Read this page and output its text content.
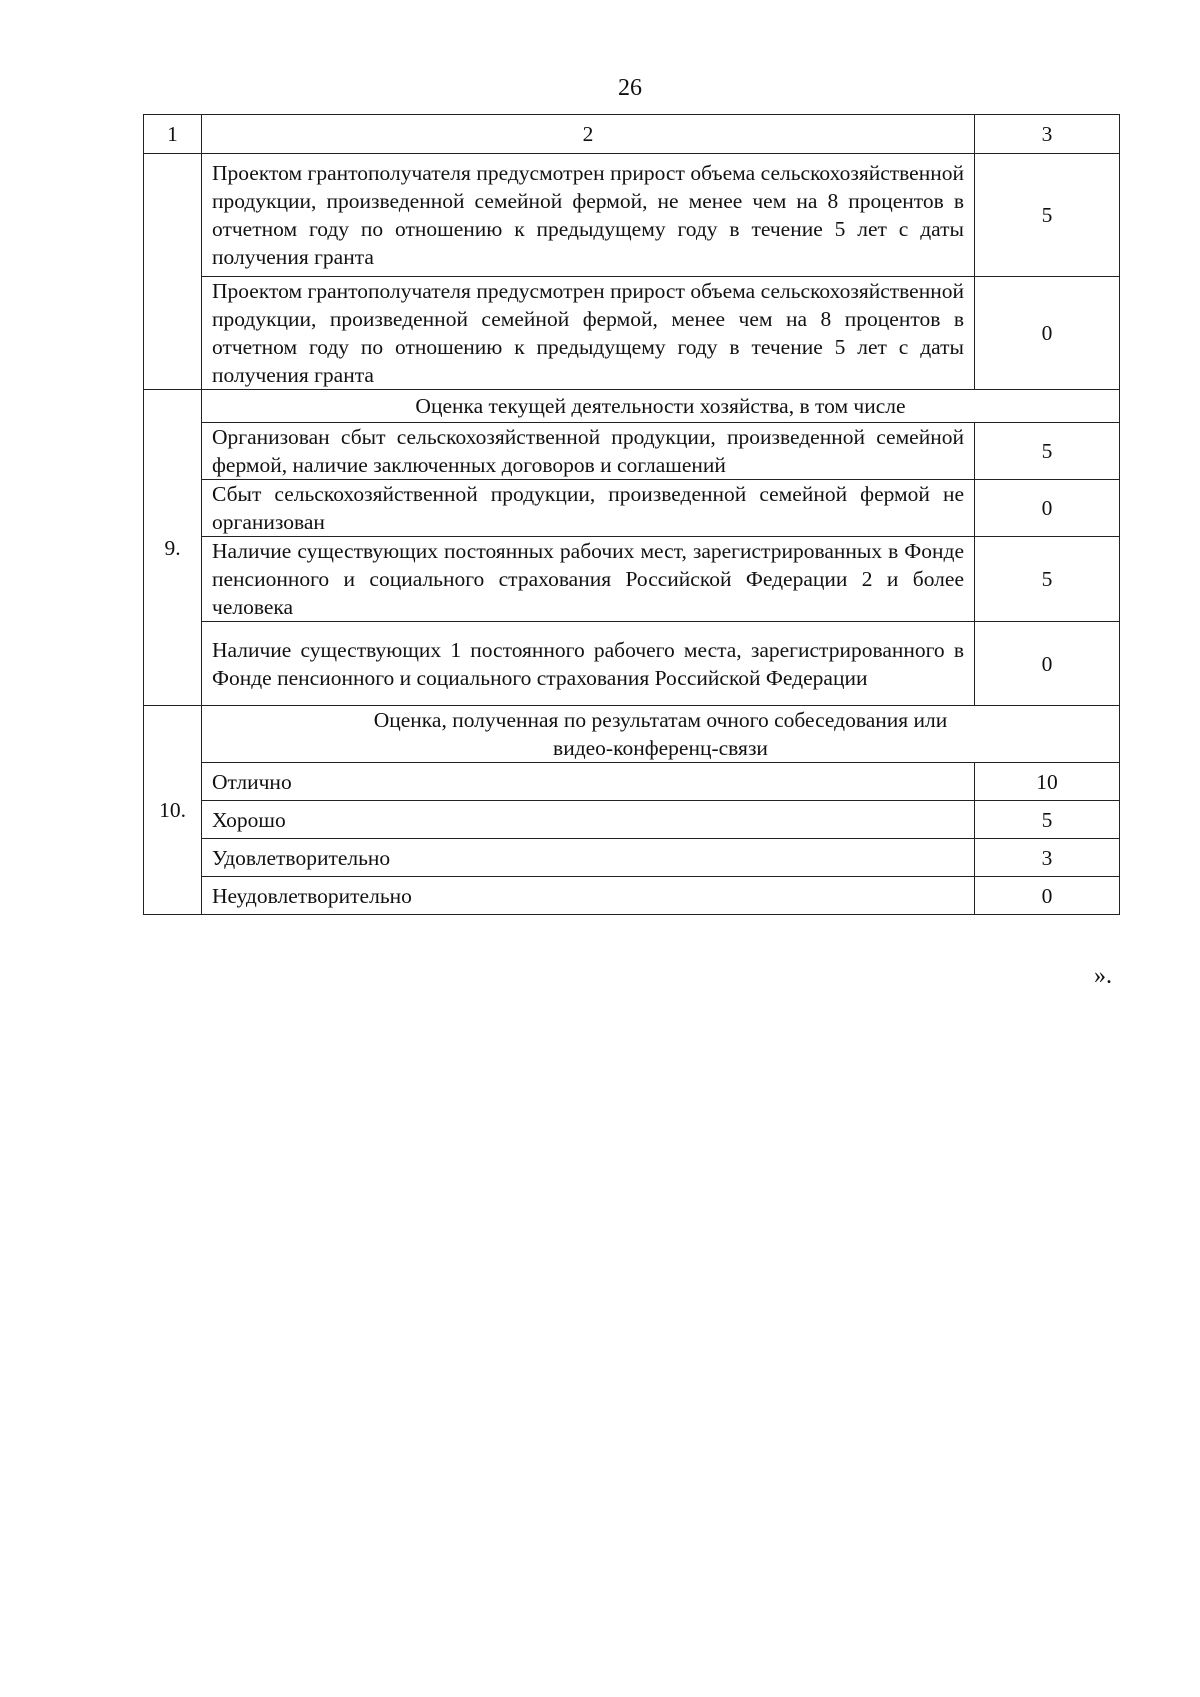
26
1	2	3
	Проектом грантополучателя предусмотрен прирост объема сельскохозяйственной продукции, произведенной семейной фермой, не менее чем на 8 процентов в отчетном году по отношению к предыдущему году в течение 5 лет с даты получения гранта	5
	Проектом грантополучателя предусмотрен прирост объема сельскохозяйственной продукции, произведенной семейной фермой, менее чем на 8 процентов в отчетном году по отношению к предыдущему году в течение 5 лет с даты получения гранта	0
9.	Оценка текущей деятельности хозяйства, в том числе	
	Организован сбыт сельскохозяйственной продукции, произведенной семейной фермой, наличие заключенных договоров и соглашений	5
	Сбыт сельскохозяйственной продукции, произведенной семейной фермой не организован	0
	Наличие существующих постоянных рабочих мест, зарегистрированных в Фонде пенсионного и социального страхования Российской Федерации 2 и более человека	5
	Наличие существующих 1 постоянного рабочего места, зарегистрированного в Фонде пенсионного и социального страхования Российской Федерации	0
10.	Оценка, полученная по результатам очного собеседования или
видео-конференц-связи	
	Отлично	10
	Хорошо	5
	Удовлетворительно	3
	Неудовлетворительно	0
».
